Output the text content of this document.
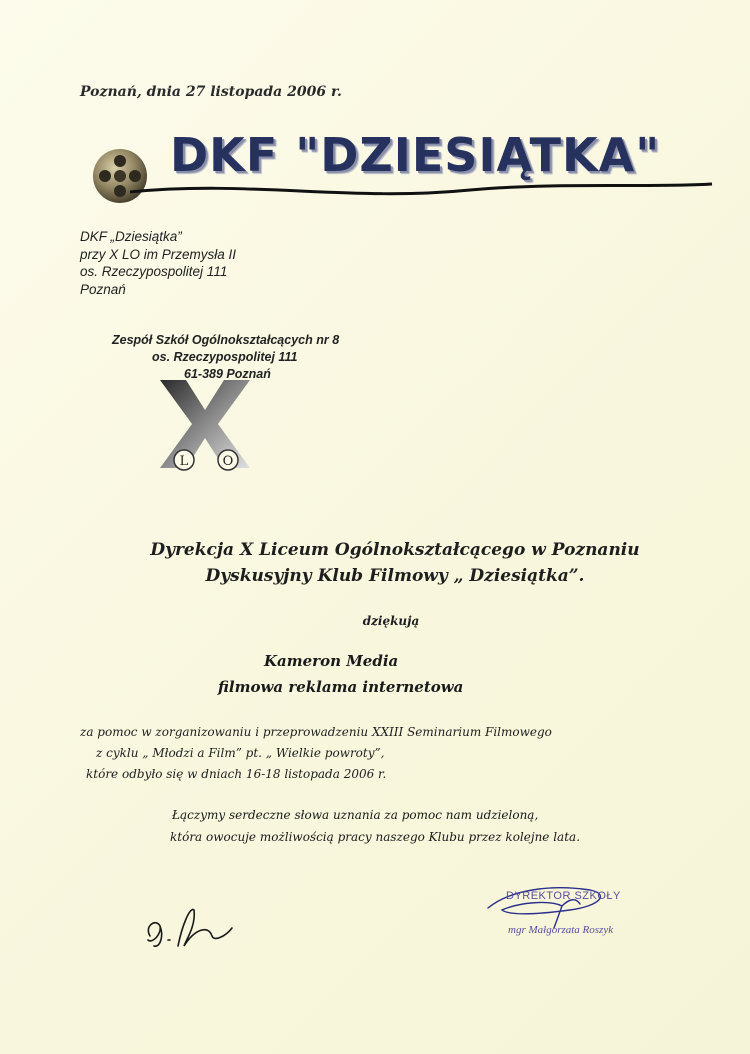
Poznań, dnia 27 listopada 2006 r.
DKF "DZIESIĄTKA"
DKF „Dziesiątka”
przy X LO im Przemysła II
os. Rzeczypospolitej 111
Poznań
Zespół Szkół Ogólnokształcących nr 8
os. Rzeczypospolitej 111
61-389 Poznań
L	O
Dyrekcja X Liceum Ogólnokształcącego w Poznaniu
Dyskusyjny Klub Filmowy „ Dziesiątka”.
dziękują
Kameron Media
filmowa reklama internetowa
za pomoc w zorganizowaniu i przeprowadzeniu XXIII Seminarium Filmowego
z cyklu „ Młodzi a Film” pt. „ Wielkie powroty”,
które odbyło się w dniach 16-18 listopada 2006 r.
Łączymy serdeczne słowa uznania za pomoc nam udzieloną,
która owocuje możliwością pracy naszego Klubu przez kolejne lata.
DYREKTOR SZKOŁY
mgr Małgorzata Roszyk
